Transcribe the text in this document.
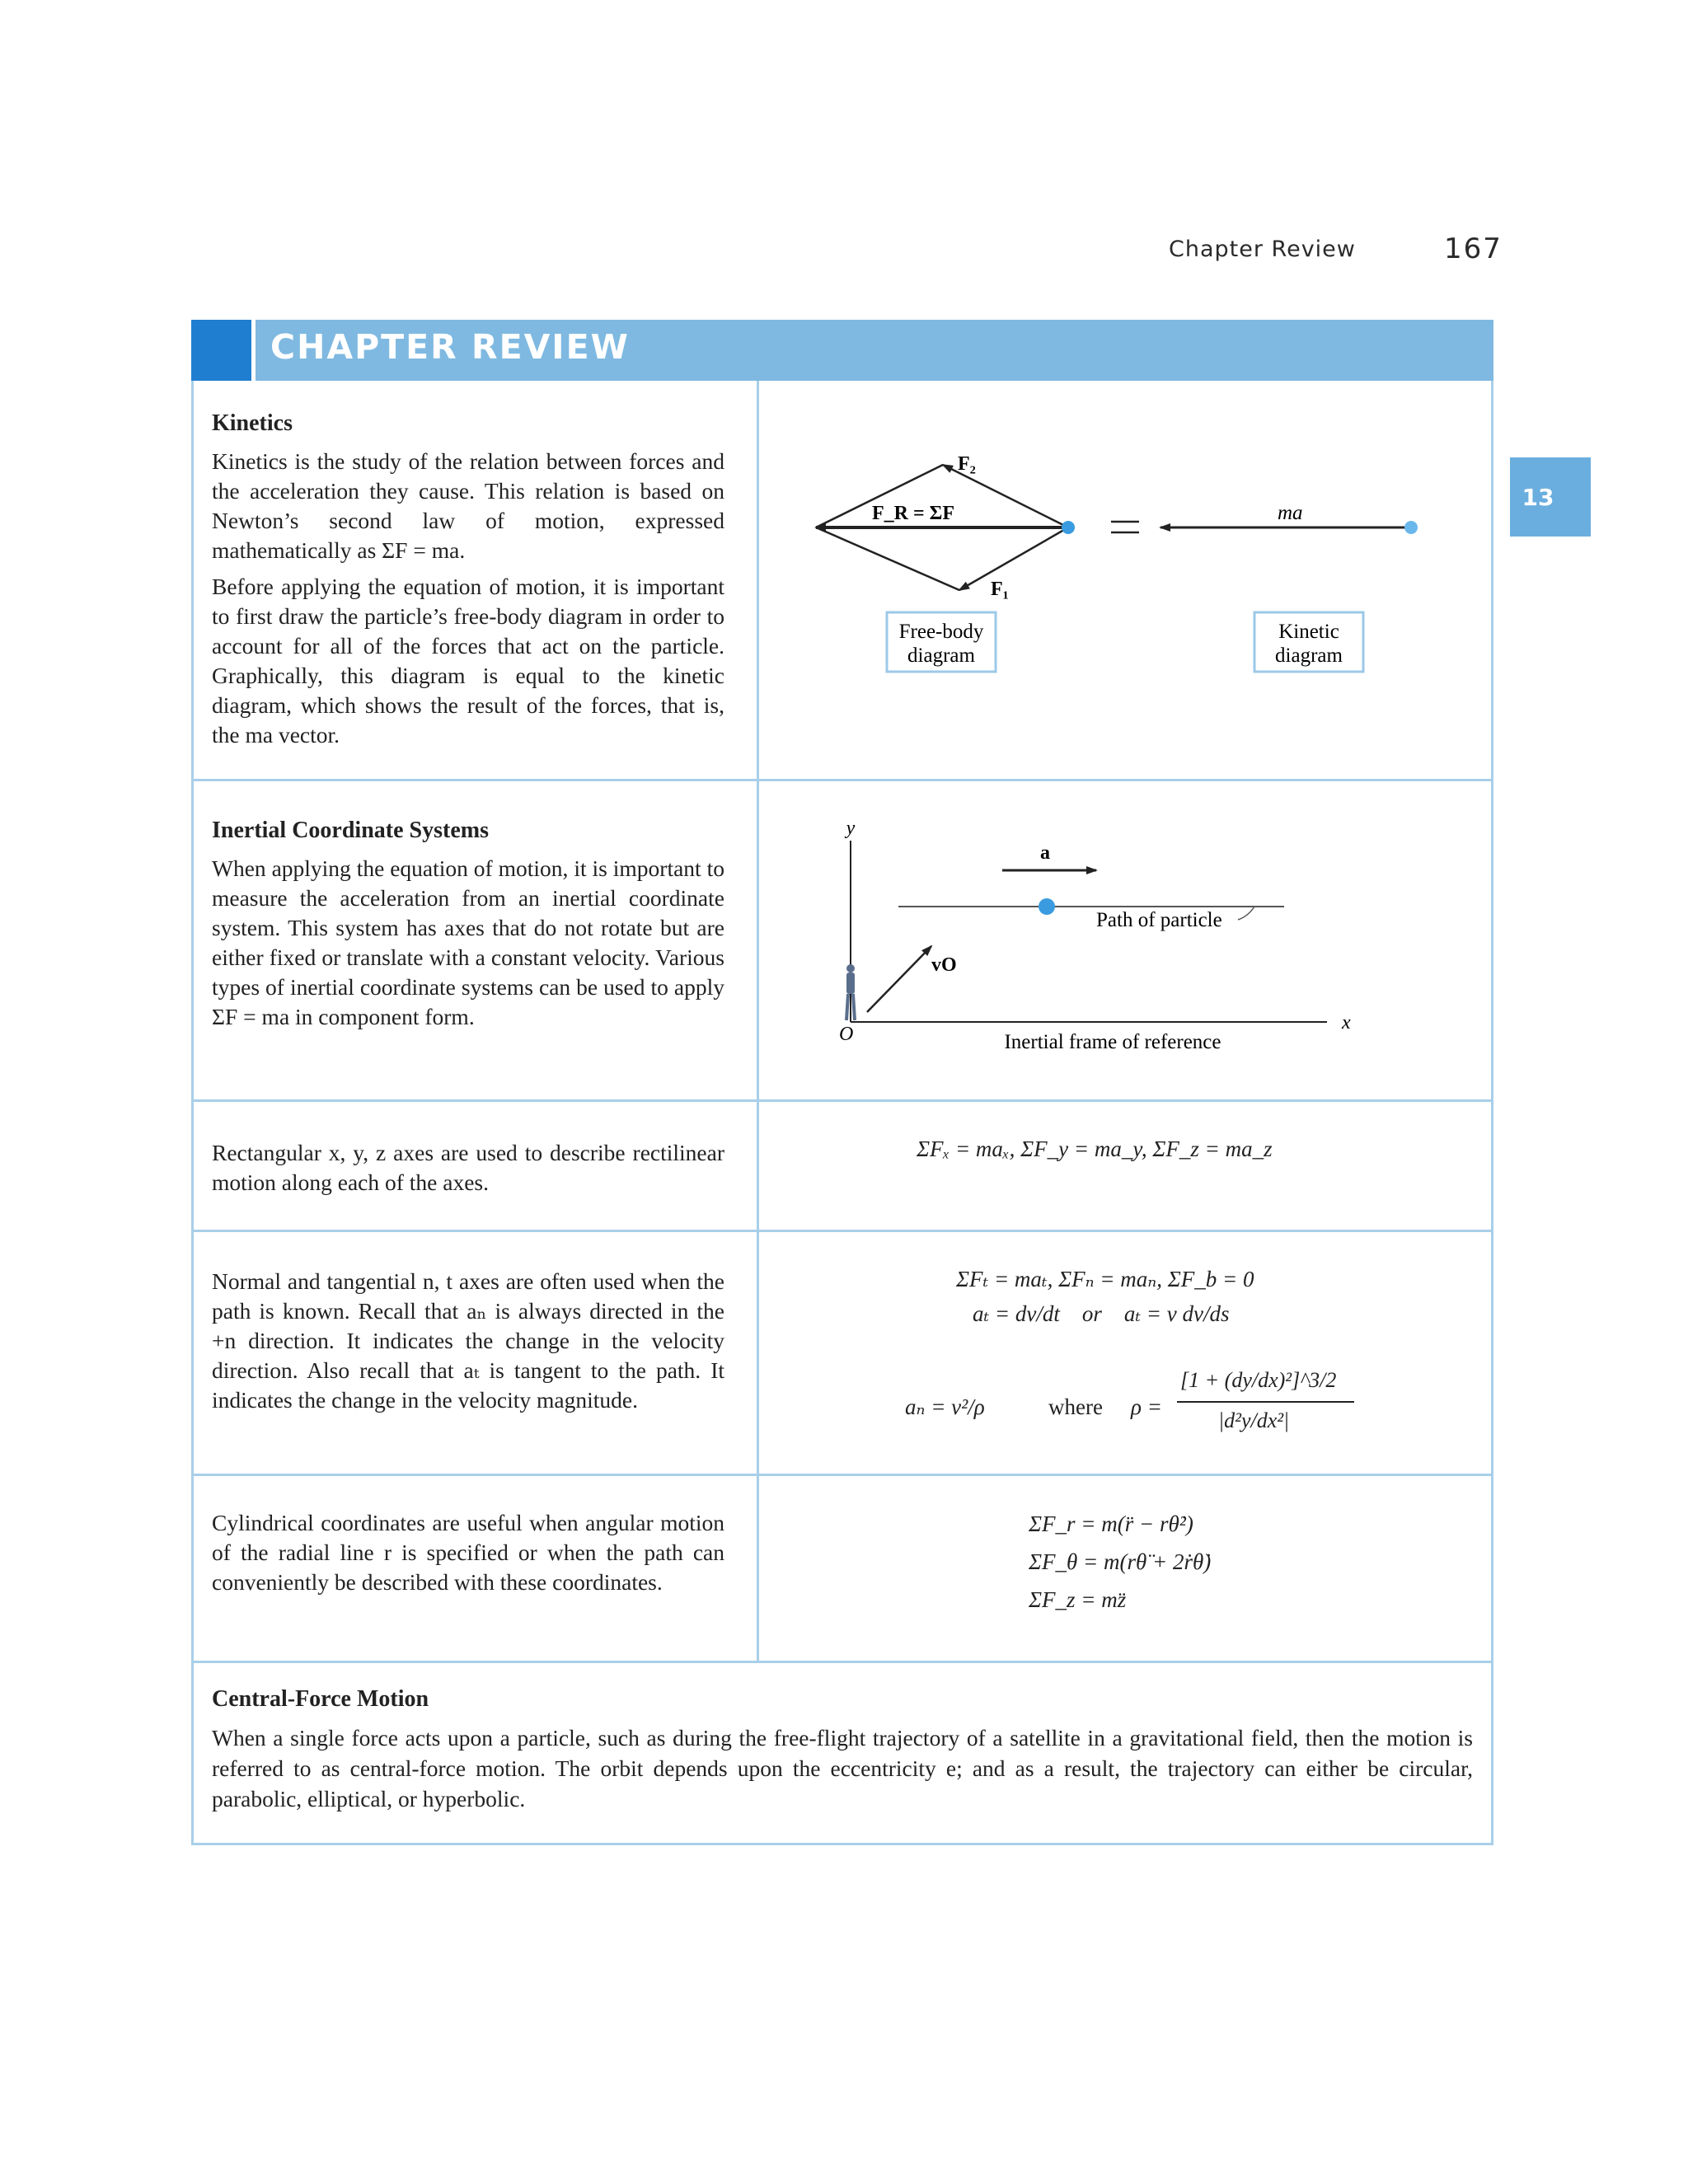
Chapter Review	167
13
CHAPTER REVIEW

Kinetics

Kinetics is the study of the relation between forces and the acceleration they cause. This relation is based on Newton’s second law of motion, expressed mathematically as ΣF = ma.

Before applying the equation of motion, it is important to first draw the particle’s free-body diagram in order to account for all of the forces that act on the particle. Graphically, this diagram is equal to the kinetic diagram, which shows the result of the forces, that is, the ma vector.

F₂
F_R = ΣF
F₁
ma
Free-body
diagram
Kinetic
diagram

Inertial Coordinate Systems

When applying the equation of motion, it is important to measure the acceleration from an inertial coordinate system. This system has axes that do not rotate but are either fixed or translate with a constant velocity. Various types of inertial coordinate systems can be used to apply ΣF = ma in component form.

y
x
O
vO
a
Path of particle
Inertial frame of reference

Rectangular x, y, z axes are used to describe rectilinear motion along each of the axes.

ΣFₓ = maₓ, ΣF_y = ma_y, ΣF_z = ma_z

Normal and tangential n, t axes are often used when the path is known. Recall that aₙ is always directed in the +n direction. It indicates the change in the velocity direction. Also recall that aₜ is tangent to the path. It indicates the change in the velocity magnitude.

ΣFₜ = maₜ, ΣFₙ = maₙ, ΣF_b = 0
aₜ = dv/dt    or    aₜ = v dv/ds
aₙ = v²/ρ	where ρ =
[1 + (dy/dx)²]^3/2
|d²y/dx²|

Cylindrical coordinates are useful when angular motion of the radial line r is specified or when the path can conveniently be described with these coordinates.

ΣF_r = m(r̈ − rθ̇²)
ΣF_θ = m(rθ̈ + 2ṙθ̇)
ΣF_z = mz̈

Central-Force Motion

When a single force acts upon a particle, such as during the free-flight trajectory of a satellite in a gravitational field, then the motion is referred to as central-force motion. The orbit depends upon the eccentricity e; and as a result, the trajectory can either be circular, parabolic, elliptical, or hyperbolic.
